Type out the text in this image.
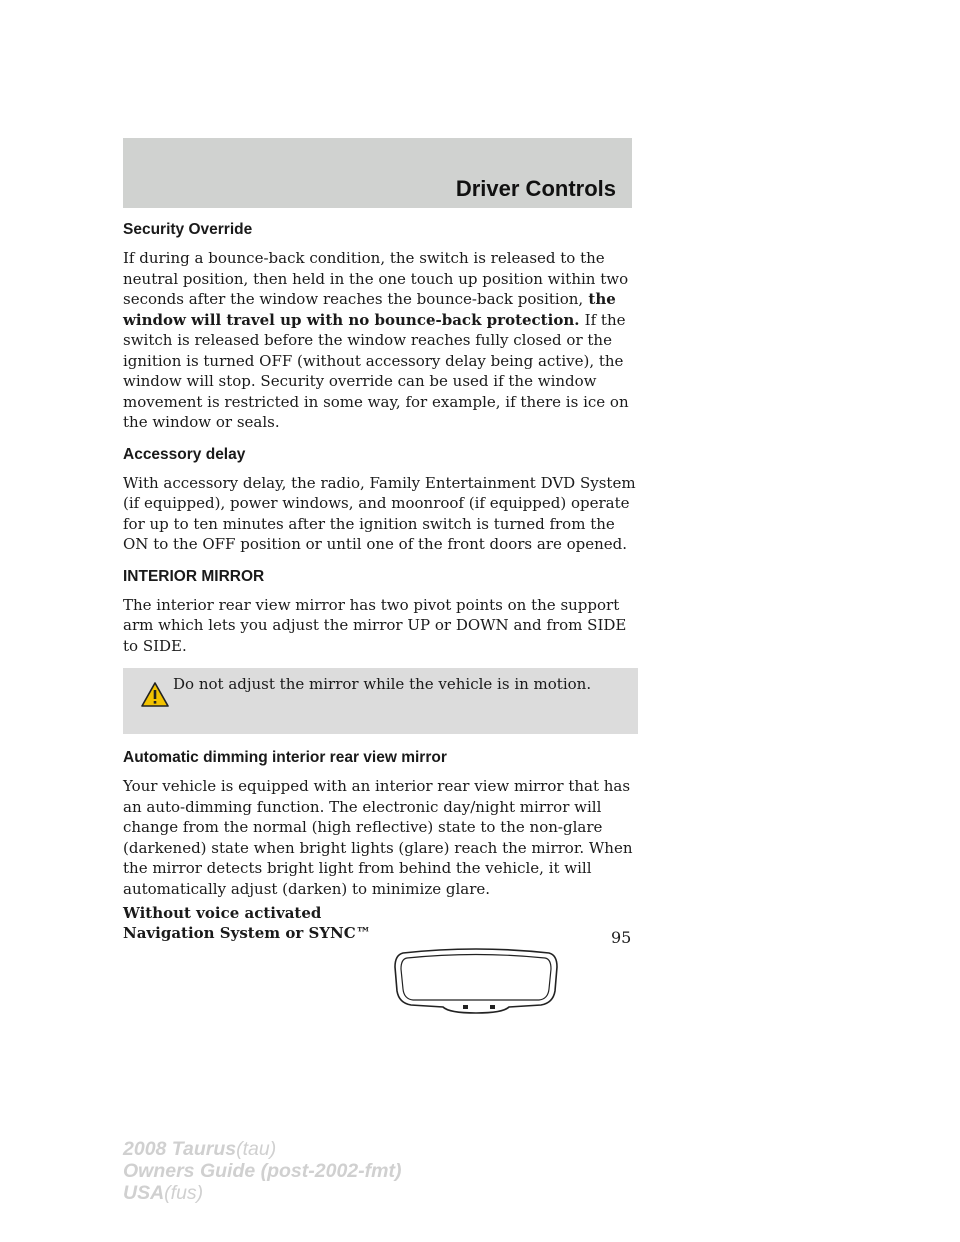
Driver Controls
Security Override

If during a bounce-back condition, the switch is released to the neutral position, then held in the one touch up position within two seconds after the window reaches the bounce-back position, the window will travel up with no bounce-back protection. If the switch is released before the window reaches fully closed or the ignition is turned OFF (without accessory delay being active), the window will stop. Security override can be used if the window movement is restricted in some way, for example, if there is ice on the window or seals.

Accessory delay

With accessory delay, the radio, Family Entertainment DVD System (if equipped), power windows, and moonroof (if equipped) operate for up to ten minutes after the ignition switch is turned from the ON to the OFF position or until one of the front doors are opened.

INTERIOR MIRROR

The interior rear view mirror has two pivot points on the support arm which lets you adjust the mirror UP or DOWN and from SIDE to SIDE.

Do not adjust the mirror while the vehicle is in motion.
Automatic dimming interior rear view mirror

Your vehicle is equipped with an interior rear view mirror that has an auto-dimming function. The electronic day/night mirror will change from the normal (high reflective) state to the non-glare (darkened) state when bright lights (glare) reach the mirror. When the mirror detects bright light from behind the vehicle, it will automatically adjust (darken) to minimize glare.

Without voice activated
Navigation System or SYNC™	95
2008 Taurus(tau)
Owners Guide (post-2002-fmt)
USA(fus)
